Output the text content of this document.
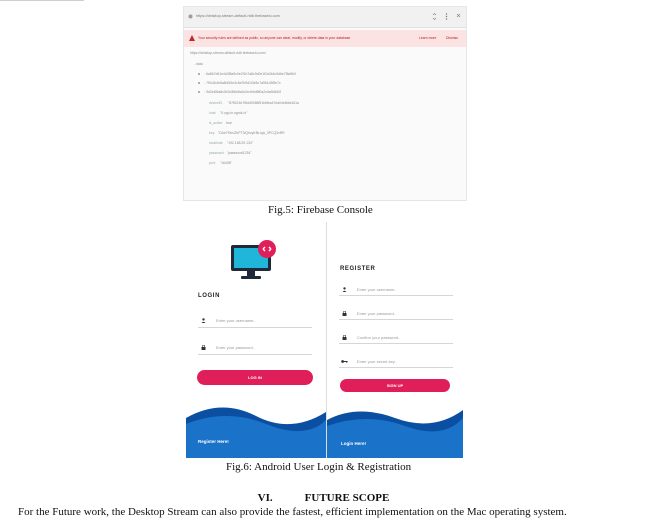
https://desktop-stream-default-rtdb.firebaseio.com
Your security rules are defined as public, so anyone can steal, modify, or delete data in your database	Learn more	Dismiss
https://desktop-stream-default-rtdb.firebaseio.com/
- data
- 6a8b7d61e4d3f5a9c0e2f1b7a8c9d0e1f2a3b4c5d6e7f8a9b0
- 7f0c2b4e6a8d0f1e3c5a7b9d1f3e5c7a9b1d3f5e7c
- 9d2e4f6a8c0b2d4f6e8a0c2e4b6d8f0a2c4e6b8d0f
devicelD: "87ff224e7f6dd9268f51b6fea47ea04e6bfa161a
host: "0.cpp.in.ngrok.io"
is_active: true
key: "DAir7f0m/ZbPT3/QhvyK8k.iqA_3PCQ3vRR
localhost: "192.168.29.134"
password: "password1234"
port: "16408"
Fig.5: Firebase Console
LOGIN
Enter your username..
Enter your password..
LOG IN
Register Here!
REGISTER
Enter your username..
Enter your password..
Confirm your password..
Enter your secret key..
SIGN UP
Login Here!
Fig.6: Android User Login & Registration
VI.	FUTURE SCOPE
For the Future work, the Desktop Stream can also provide the fastest, efficient implementation on the Mac operating system.
